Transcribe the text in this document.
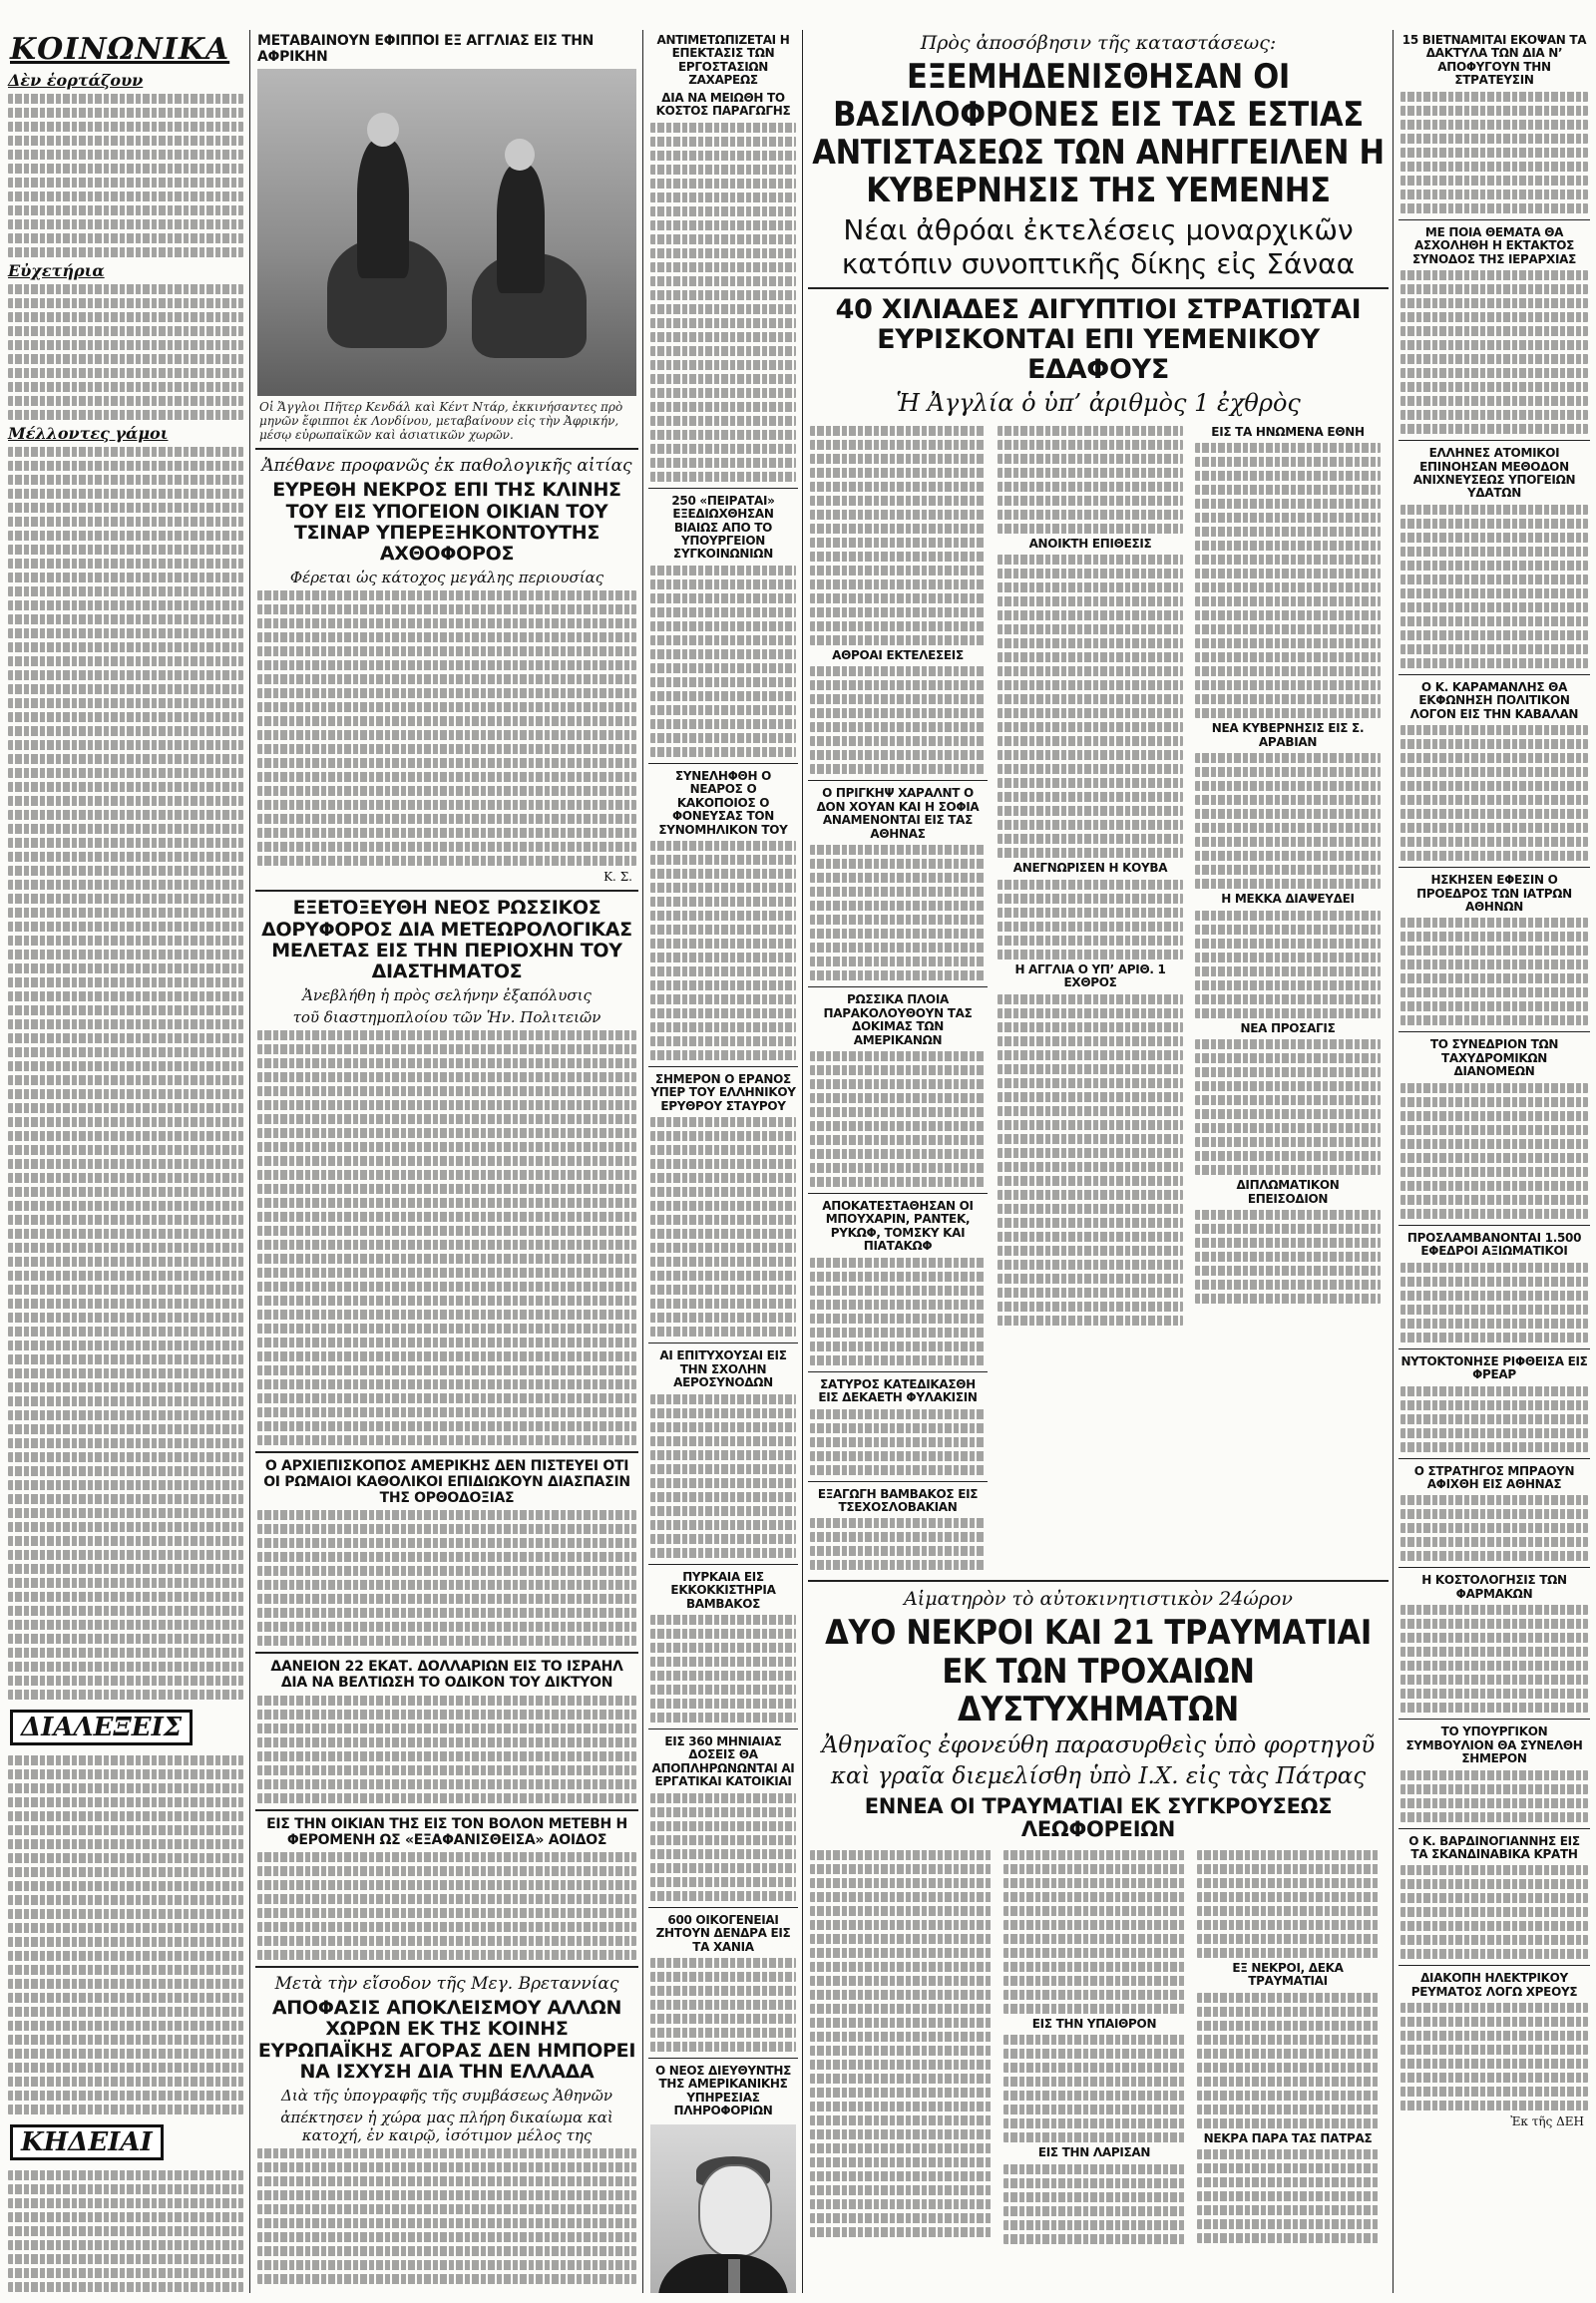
ΚΟΙΝΩΝΙΚΑ
Δὲν ἑορτάζουν
Εὐχετήρια
Μέλλοντες γάμοι
ΔΙΑΛΕΞΕΙΣ
ΚΗΔΕΙΑΙ
ΜΕΤΑΒΑΙΝΟΥΝ ΕΦΙΠΠΟΙ ΕΞ ΑΓΓΛΙΑΣ ΕΙΣ ΤΗΝ ΑΦΡΙΚΗΝ
Οἱ Ἄγγλοι Πῆτερ Κενδάλ καὶ Κέντ Ντάρ, ἐκκινήσαντες πρὸ μηνῶν ἔφιπποι ἐκ Λονδίνου, μεταβαίνουν εἰς τὴν Ἀφρικήν, μέσῳ εὐρωπαϊκῶν καὶ ἀσιατικῶν χωρῶν.
Ἀπέθανε προφανῶς ἐκ παθολογικῆς αἰτίας
ΕΥΡΕΘΗ ΝΕΚΡΟΣ ΕΠΙ ΤΗΣ ΚΛΙΝΗΣ ΤΟΥ ΕΙΣ ΥΠΟΓΕΙΟΝ ΟΙΚΙΑΝ ΤΟΥ ΤΣΙΝΑΡ ΥΠΕΡΕΞΗΚΟΝΤΟΥΤΗΣ ΑΧΘΟΦΟΡΟΣ
Φέρεται ὡς κάτοχος μεγάλης περιουσίας
Κ. Σ.
ΕΞΕΤΟΞΕΥΘΗ ΝΕΟΣ ΡΩΣΣΙΚΟΣ ΔΟΡΥΦΟΡΟΣ ΔΙΑ ΜΕΤΕΩΡΟΛΟΓΙΚΑΣ ΜΕΛΕΤΑΣ ΕΙΣ ΤΗΝ ΠΕΡΙΟΧΗΝ ΤΟΥ ΔΙΑΣΤΗΜΑΤΟΣ
Ἀνεβλήθη ἡ πρὸς σελήνην ἐξαπόλυσις
τοῦ διαστημοπλοίου τῶν Ἡν. Πολιτειῶν
Ο ΑΡΧΙΕΠΙΣΚΟΠΟΣ ΑΜΕΡΙΚΗΣ ΔΕΝ ΠΙΣΤΕΥΕΙ ΟΤΙ ΟΙ ΡΩΜΑΙΟΙ ΚΑΘΟΛΙΚΟΙ ΕΠΙΔΙΩΚΟΥΝ ΔΙΑΣΠΑΣΙΝ ΤΗΣ ΟΡΘΟΔΟΞΙΑΣ
ΔΑΝΕΙΟΝ 22 ΕΚΑΤ. ΔΟΛΛΑΡΙΩΝ ΕΙΣ ΤΟ ΙΣΡΑΗΛ ΔΙΑ ΝΑ ΒΕΛΤΙΩΣΗ ΤΟ ΟΔΙΚΟΝ ΤΟΥ ΔΙΚΤΥΟΝ
ΕΙΣ ΤΗΝ ΟΙΚΙΑΝ ΤΗΣ ΕΙΣ ΤΟΝ ΒΟΛΟΝ ΜΕΤΕΒΗ Η ΦΕΡΟΜΕΝΗ ΩΣ «ΕΞΑΦΑΝΙΣΘΕΙΣΑ» ΑΟΙΔΟΣ
Μετὰ τὴν εἴσοδον τῆς Μεγ. Βρεταννίας
ΑΠΟΦΑΣΙΣ ΑΠΟΚΛΕΙΣΜΟΥ ΑΛΛΩΝ ΧΩΡΩΝ ΕΚ ΤΗΣ ΚΟΙΝΗΣ ΕΥΡΩΠΑΪΚΗΣ ΑΓΟΡΑΣ ΔΕΝ ΗΜΠΟΡΕΙ ΝΑ ΙΣΧΥΣΗ ΔΙΑ ΤΗΝ ΕΛΛΑΔΑ
Διὰ τῆς ὑπογραφῆς τῆς συμβάσεως Ἀθηνῶν
ἀπέκτησεν ἡ χώρα μας πλήρη δικαίωμα καὶ κατοχή, ἐν καιρῷ, ἰσότιμον μέλος της
ΑΝΤΙΜΕΤΩΠΙΖΕΤΑΙ Η ΕΠΕΚΤΑΣΙΣ ΤΩΝ ΕΡΓΟΣΤΑΣΙΩΝ ΖΑΧΑΡΕΩΣ
ΔΙΑ ΝΑ ΜΕΙΩΘΗ ΤΟ ΚΟΣΤΟΣ ΠΑΡΑΓΩΓΗΣ
250 «ΠΕΙΡΑΤΑΙ» ΕΞΕΔΙΩΧΘΗΣΑΝ ΒΙΑΙΩΣ ΑΠΟ ΤΟ ΥΠΟΥΡΓΕΙΟΝ ΣΥΓΚΟΙΝΩΝΙΩΝ
ΣΥΝΕΛΗΦΘΗ Ο ΝΕΑΡΟΣ Ο ΚΑΚΟΠΟΙΟΣ Ο ΦΟΝΕΥΣΑΣ ΤΟΝ ΣΥΝΟΜΗΛΙΚΟΝ ΤΟΥ
ΣΗΜΕΡΟΝ Ο ΕΡΑΝΟΣ ΥΠΕΡ ΤΟΥ ΕΛΛΗΝΙΚΟΥ ΕΡΥΘΡΟΥ ΣΤΑΥΡΟΥ
ΑΙ ΕΠΙΤΥΧΟΥΣΑΙ ΕΙΣ ΤΗΝ ΣΧΟΛΗΝ ΑΕΡΟΣΥΝΟΔΩΝ
ΠΥΡΚΑΙΑ ΕΙΣ ΕΚΚΟΚΚΙΣΤΗΡΙΑ ΒΑΜΒΑΚΟΣ
ΕΙΣ 360 ΜΗΝΙΑΙΑΣ ΔΟΣΕΙΣ ΘΑ ΑΠΟΠΛΗΡΩΝΩΝΤΑΙ ΑΙ ΕΡΓΑΤΙΚΑΙ ΚΑΤΟΙΚΙΑΙ
600 ΟΙΚΟΓΕΝΕΙΑΙ ΖΗΤΟΥΝ ΔΕΝΔΡΑ ΕΙΣ ΤΑ ΧΑΝΙΑ
Ο ΝΕΟΣ ΔΙΕΥΘΥΝΤΗΣ ΤΗΣ ΑΜΕΡΙΚΑΝΙΚΗΣ ΥΠΗΡΕΣΙΑΣ ΠΛΗΡΟΦΟΡΙΩΝ
Πρὸς ἀποσόβησιν τῆς καταστάσεως:
ΕΞΕΜΗΔΕΝΙΣΘΗΣΑΝ ΟΙ ΒΑΣΙΛΟΦΡΟΝΕΣ ΕΙΣ ΤΑΣ ΕΣΤΙΑΣ ΑΝΤΙΣΤΑΣΕΩΣ ΤΩΝ ΑΝΗΓΓΕΙΛΕΝ Η ΚΥΒΕΡΝΗΣΙΣ ΤΗΣ ΥΕΜΕΝΗΣ
Νέαι ἀθρόαι ἐκτελέσεις μοναρχικῶν κατόπιν συνοπτικῆς δίκης εἰς Σάναα
40 ΧΙΛΙΑΔΕΣ ΑΙΓΥΠΤΙΟΙ ΣΤΡΑΤΙΩΤΑΙ ΕΥΡΙΣΚΟΝΤΑΙ ΕΠΙ ΥΕΜΕΝΙΚΟΥ ΕΔΑΦΟΥΣ
Ἡ Ἀγγλία ὁ ὑπ’ ἀριθμὸς 1 ἐχθρὸς
ΑΘΡΟΑΙ ΕΚΤΕΛΕΣΕΙΣ
Ο ΠΡΙΓΚΗΨ ΧΑΡΑΛΝΤ Ο ΔΟΝ ΧΟΥΑΝ ΚΑΙ Η ΣΟΦΙΑ ΑΝΑΜΕΝΟΝΤΑΙ ΕΙΣ ΤΑΣ ΑΘΗΝΑΣ
ΡΩΣΣΙΚΑ ΠΛΟΙΑ ΠΑΡΑΚΟΛΟΥΘΟΥΝ ΤΑΣ ΔΟΚΙΜΑΣ ΤΩΝ ΑΜΕΡΙΚΑΝΩΝ
ΑΠΟΚΑΤΕΣΤΑΘΗΣΑΝ ΟΙ ΜΠΟΥΧΑΡΙΝ, ΡΑΝΤΕΚ, ΡΥΚΩΦ, ΤΟΜΣΚΥ ΚΑΙ ΠΙΑΤΑΚΩΦ
ΣΑΤΥΡΟΣ ΚΑΤΕΔΙΚΑΣΘΗ ΕΙΣ ΔΕΚΑΕΤΗ ΦΥΛΑΚΙΣΙΝ
ΕΞΑΓΩΓΗ ΒΑΜΒΑΚΟΣ ΕΙΣ ΤΣΕΧΟΣΛΟΒΑΚΙΑΝ
ΑΝΟΙΚΤΗ ΕΠΙΘΕΣΙΣ
ΑΝΕΓΝΩΡΙΣΕΝ Η ΚΟΥΒΑ
Η ΑΓΓΛΙΑ Ο ΥΠ’ ΑΡΙΘ. 1 ΕΧΘΡΟΣ
ΕΙΣ ΤΑ ΗΝΩΜΕΝΑ ΕΘΝΗ
ΝΕΑ ΚΥΒΕΡΝΗΣΙΣ ΕΙΣ Σ. ΑΡΑΒΙΑΝ
Η ΜΕΚΚΑ ΔΙΑΨΕΥΔΕΙ
ΝΕΑ ΠΡΟΣΑΓΙΣ
ΔΙΠΛΩΜΑΤΙΚΟΝ ΕΠΕΙΣΟΔΙΟΝ
Αἱματηρὸν τὸ αὐτοκινητιστικὸν 24ώρον
ΔΥΟ ΝΕΚΡΟΙ ΚΑΙ 21 ΤΡΑΥΜΑΤΙΑΙ ΕΚ ΤΩΝ ΤΡΟΧΑΙΩΝ ΔΥΣΤΥΧΗΜΑΤΩΝ
Ἀθηναῖος ἐφονεύθη παρασυρθεὶς ὑπὸ φορτηγοῦ
καὶ γραῖα διεμελίσθη ὑπὸ Ι.Χ. εἰς τὰς Πάτρας
ΕΝΝΕΑ ΟΙ ΤΡΑΥΜΑΤΙΑΙ ΕΚ ΣΥΓΚΡΟΥΣΕΩΣ ΛΕΩΦΟΡΕΙΩΝ
ΕΙΣ ΤΗΝ ΥΠΑΙΘΡΟΝ
ΕΙΣ ΤΗΝ ΛΑΡΙΣΑΝ
ΕΞ ΝΕΚΡΟΙ, ΔΕΚΑ ΤΡΑΥΜΑΤΙΑΙ
ΝΕΚΡΑ ΠΑΡΑ ΤΑΣ ΠΑΤΡΑΣ
15 ΒΙΕΤΝΑΜΙΤΑΙ ΕΚΟΨΑΝ ΤΑ ΔΑΚΤΥΛΑ ΤΩΝ ΔΙΑ Ν’ ΑΠΟΦΥΓΟΥΝ ΤΗΝ ΣΤΡΑΤΕΥΣΙΝ
ΜΕ ΠΟΙΑ ΘΕΜΑΤΑ ΘΑ ΑΣΧΟΛΗΘΗ Η ΕΚΤΑΚΤΟΣ ΣΥΝΟΔΟΣ ΤΗΣ ΙΕΡΑΡΧΙΑΣ
ΕΛΛΗΝΕΣ ΑΤΟΜΙΚΟΙ ΕΠΙΝΟΗΣΑΝ ΜΕΘΟΔΟΝ ΑΝΙΧΝΕΥΣΕΩΣ ΥΠΟΓΕΙΩΝ ΥΔΑΤΩΝ
Ο Κ. ΚΑΡΑΜΑΝΛΗΣ ΘΑ ΕΚΦΩΝΗΣΗ ΠΟΛΙΤΙΚΟΝ ΛΟΓΟΝ ΕΙΣ ΤΗΝ ΚΑΒΑΛΑΝ
ΗΣΚΗΣΕΝ ΕΦΕΣΙΝ Ο ΠΡΟΕΔΡΟΣ ΤΩΝ ΙΑΤΡΩΝ ΑΘΗΝΩΝ
ΤΟ ΣΥΝΕΔΡΙΟΝ ΤΩΝ ΤΑΧΥΔΡΟΜΙΚΩΝ ΔΙΑΝΟΜΕΩΝ
ΠΡΟΣΛΑΜΒΑΝΟΝΤΑΙ 1.500 ΕΦΕΔΡΟΙ ΑΞΙΩΜΑΤΙΚΟΙ
ΝΥΤΟΚΤΟΝΗΣΕ ΡΙΦΘΕΙΣΑ ΕΙΣ ΦΡΕΑΡ
Ο ΣΤΡΑΤΗΓΟΣ ΜΠΡΑΟΥΝ ΑΦΙΧΘΗ ΕΙΣ ΑΘΗΝΑΣ
Η ΚΟΣΤΟΛΟΓΗΣΙΣ ΤΩΝ ΦΑΡΜΑΚΩΝ
ΤΟ ΥΠΟΥΡΓΙΚΟΝ ΣΥΜΒΟΥΛΙΟΝ ΘΑ ΣΥΝΕΛΘΗ ΣΗΜΕΡΟΝ
Ο Κ. ΒΑΡΔΙΝΟΓΙΑΝΝΗΣ ΕΙΣ ΤΑ ΣΚΑΝΔΙΝΑΒΙΚΑ ΚΡΑΤΗ
ΔΙΑΚΟΠΗ ΗΛΕΚΤΡΙΚΟΥ ΡΕΥΜΑΤΟΣ ΛΟΓΩ ΧΡΕΟΥΣ
Ἐκ τῆς ΔΕΗ
